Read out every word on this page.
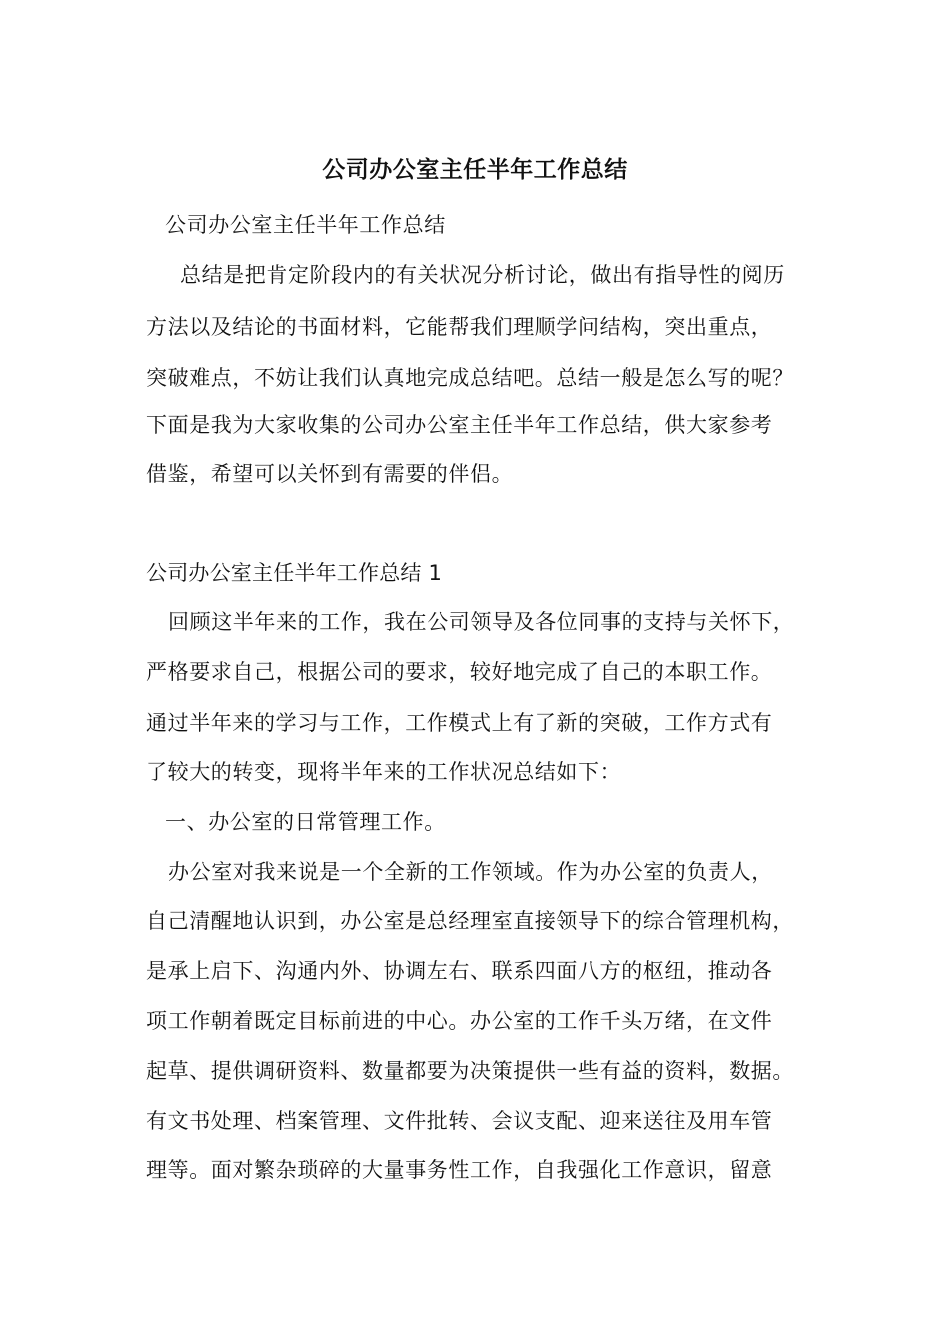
公司办公室主任半年工作总结
公司办公室主任半年工作总结
总结是把肯定阶段内的有关状况分析讨论，做出有指导性的阅历
方法以及结论的书面材料，它能帮我们理顺学问结构，突出重点，
突破难点，不妨让我们认真地完成总结吧。总结一般是怎么写的呢？
下面是我为大家收集的公司办公室主任半年工作总结，供大家参考
借鉴，希望可以关怀到有需要的伴侣。
公司办公室主任半年工作总结 1
回顾这半年来的工作，我在公司领导及各位同事的支持与关怀下，
严格要求自己，根据公司的要求，较好地完成了自己的本职工作。
通过半年来的学习与工作，工作模式上有了新的突破，工作方式有
了较大的转变，现将半年来的工作状况总结如下：
一、办公室的日常管理工作。
办公室对我来说是一个全新的工作领域。作为办公室的负责人，
自己清醒地认识到，办公室是总经理室直接领导下的综合管理机构，
是承上启下、沟通内外、协调左右、联系四面八方的枢纽，推动各
项工作朝着既定目标前进的中心。办公室的工作千头万绪，在文件
起草、提供调研资料、数量都要为决策提供一些有益的资料，数据。
有文书处理、档案管理、文件批转、会议支配、迎来送往及用车管
理等。面对繁杂琐碎的大量事务性工作，自我强化工作意识，留意
